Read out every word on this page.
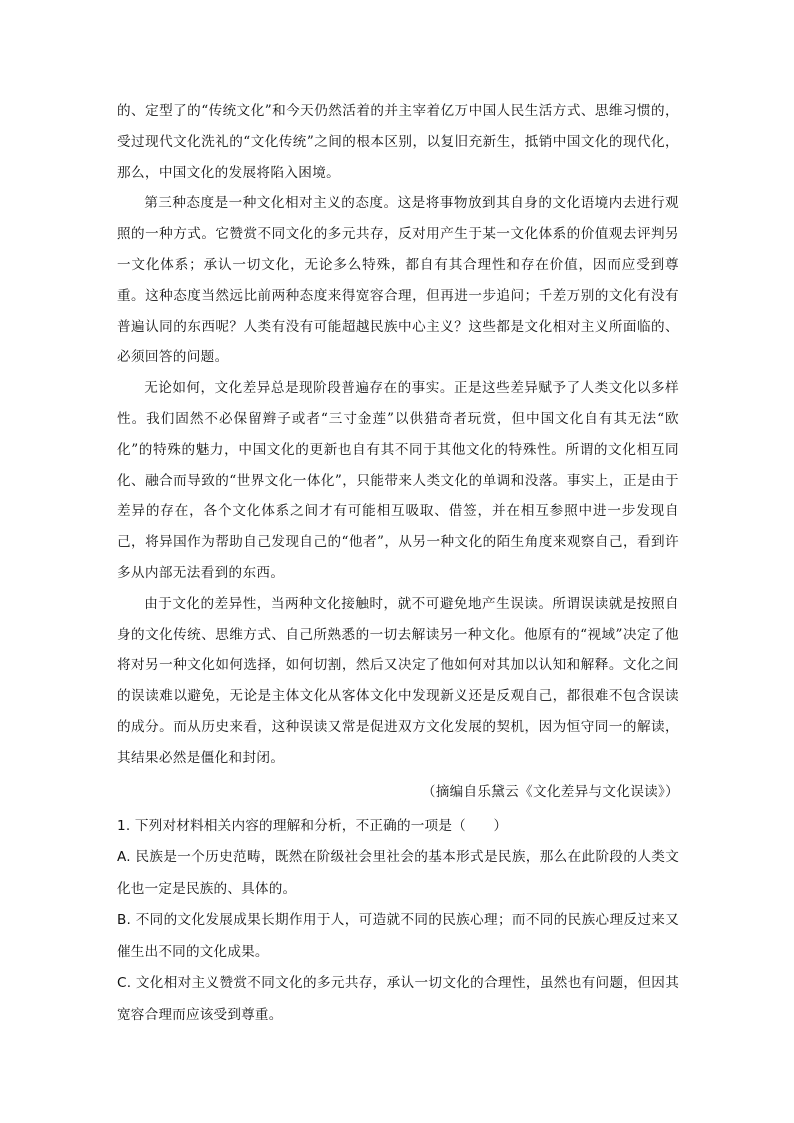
的、定型了的“传统文化”和今天仍然活着的并主宰着亿万中国人民生活方式、思维习惯的，受过现代文化洗礼的“文化传统”之间的根本区别，以复旧充新生，抵销中国文化的现代化，那么，中国文化的发展将陷入困境。

第三种态度是一种文化相对主义的态度。这是将事物放到其自身的文化语境内去进行观照的一种方式。它赞赏不同文化的多元共存，反对用产生于某一文化体系的价值观去评判另一文化体系；承认一切文化，无论多么特殊，都自有其合理性和存在价值，因而应受到尊重。这种态度当然远比前两种态度来得宽容合理，但再进一步追问；千差万别的文化有没有普遍认同的东西呢？人类有没有可能超越民族中心主义？这些都是文化相对主义所面临的、必须回答的问题。

无论如何，文化差异总是现阶段普遍存在的事实。正是这些差异赋予了人类文化以多样性。我们固然不必保留辫子或者“三寸金莲”以供猎奇者玩赏，但中国文化自有其无法“欧化”的特殊的魅力，中国文化的更新也自有其不同于其他文化的特殊性。所谓的文化相互同化、融合而导致的“世界文化一体化”，只能带来人类文化的单调和没落。事实上，正是由于差异的存在，各个文化体系之间才有可能相互吸取、借签，并在相互参照中进一步发现自己，将异国作为帮助自己发现自己的“他者”，从另一种文化的陌生角度来观察自己，看到许多从内部无法看到的东西。

由于文化的差异性，当两种文化接触时，就不可避免地产生误读。所谓误读就是按照自身的文化传统、思维方式、自己所熟悉的一切去解读另一种文化。他原有的“视域”决定了他将对另一种文化如何选择，如何切割，然后又决定了他如何对其加以认知和解释。文化之间的误读难以避免，无论是主体文化从客体文化中发现新义还是反观自己，都很难不包含误读的成分。而从历史来看，这种误读又常是促进双方文化发展的契机，因为恒守同一的解读，其结果必然是僵化和封闭。

（摘编自乐黛云《文化差异与文化误读》）

1. 下列对材料相关内容的理解和分析，不正确的一项是（　　）

A. 民族是一个历史范畴，既然在阶级社会里社会的基本形式是民族，那么在此阶段的人类文化也一定是民族的、具体的。

B. 不同的文化发展成果长期作用于人，可造就不同的民族心理；而不同的民族心理反过来又催生出不同的文化成果。

C. 文化相对主义赞赏不同文化的多元共存，承认一切文化的合理性，虽然也有问题，但因其宽容合理而应该受到尊重。
